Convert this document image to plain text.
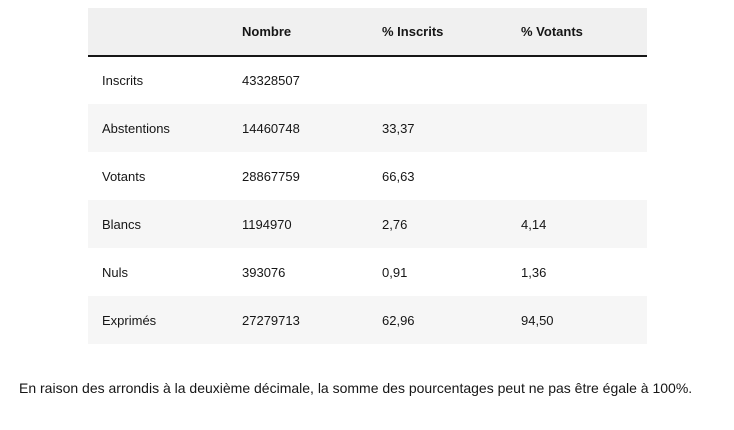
	Nombre	% Inscrits	% Votants
Inscrits	43328507		
Abstentions	14460748	33,37	
Votants	28867759	66,63	
Blancs	1194970	2,76	4,14
Nuls	393076	0,91	1,36
Exprimés	27279713	62,96	94,50
En raison des arrondis à la deuxième décimale, la somme des pourcentages peut ne pas être égale à 100%.
